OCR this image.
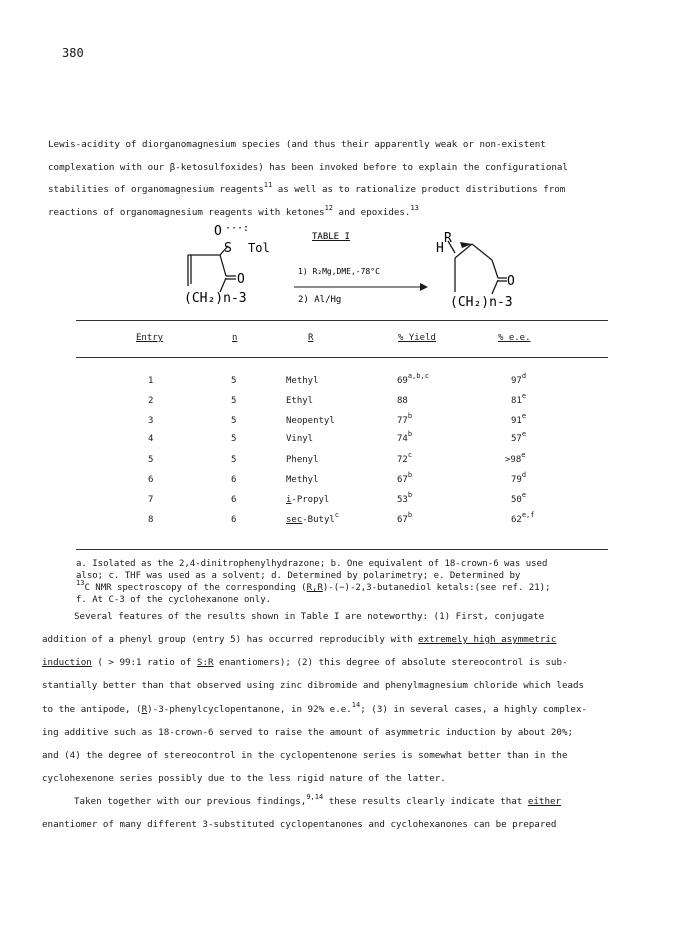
380
Lewis-acidity of diorganomagnesium species (and thus their apparently weak or non-existent
complexation with our β-ketosulfoxides) has been invoked before to explain the configurational
stabilities of organomagnesium reagents$^{11}$ as well as to rationalize product distributions from
reactions of organomagnesium reagents with ketones$^{12}$ and epoxides.$^{13}$
O ···:
S Tol
O
(CH₂)n-3
TABLE I
1) R₂Mg,DME,-78°C
2) Al/Hg
H
R
O
(CH₂)n-3
Entry	n	R	% Yield	% e.e.
1	5	Methyl	69$^{a,b,c}$	97$^d$
2	5	Ethyl	88	81e
3	5	Neopentyl	77$^b$	91e
4	5	Vinyl	74$^b$	57e
5	5	Phenyl	$72^c$	$>98^e$
6	6	Methyl	67$^b$	79$^d$
7	6	i-Propyl	53$^b$	50e
8	6	sec-Butyl$^c$	67$^b$	62$^{e,f}$
a. Isolated as the 2,4-dinitrophenylhydrazone; b. One equivalent of 18-crown-6 was used
also; c. THF was used as a solvent; d. Determined by polarimetry; e. Determined by
$^{13}$C NMR spectroscopy of the corresponding (R,R)-(−)-2,3-butanediol ketals:(see ref. 21);
f. At C-3 of the cyclohexanone only.
Several features of the results shown in Table I are noteworthy: (1) First, conjugate
addition of a phenyl group (entry 5) has occurred reproducibly with extremely high asymmetric
induction ( > 99:1 ratio of S:R enantiomers); (2) this degree of absolute stereocontrol is sub-
stantially better than that observed using zinc dibromide and phenylmagnesium chloride which leads
to the antipode, (R)-3-phenylcyclopentanone, in 92% e.e.$^{14}$; (3) in several cases, a highly complex-
ing additive such as 18-crown-6 served to raise the amount of asymmetric induction by about 20%;
and (4) the degree of stereocontrol in the cyclopentenone series is somewhat better than in the
cyclohexenone series possibly due to the less rigid nature of the latter.
Taken together with our previous findings,$^{9,14}$ these results clearly indicate that either
enantiomer of many different 3-substituted cyclopentanones and cyclohexanones can be prepared
